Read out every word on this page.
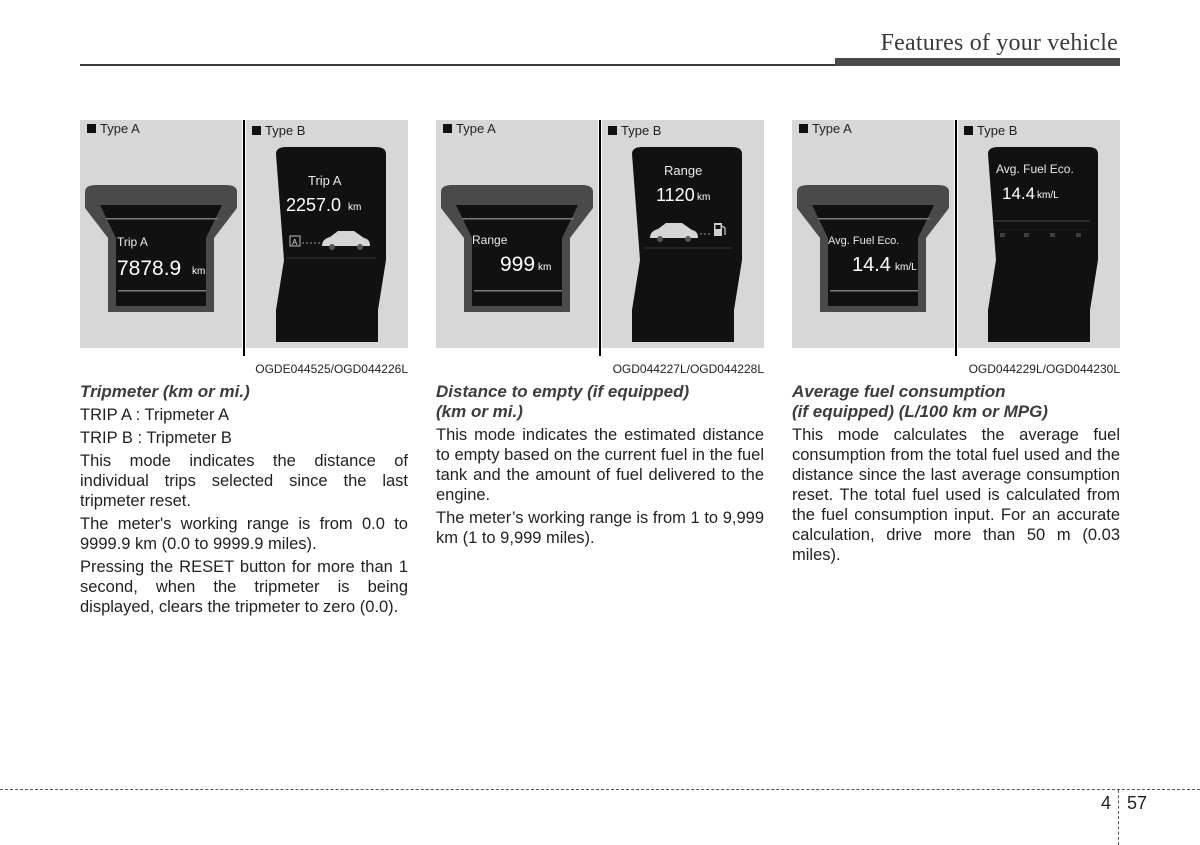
Features of your vehicle
Type A
Trip A
7878.9 km
Type B
Trip A
2257.0 km
A
OGDE044525/OGD044226L
Tripmeter (km or mi.)
TRIP A : Tripmeter A
TRIP B : Tripmeter B
This mode indicates the distance of individual trips selected since the last tripmeter reset.
The meter's working range is from 0.0 to 9999.9 km (0.0 to 9999.9 miles).
Pressing the RESET button for more than 1 second, when the tripmeter is being displayed, clears the tripmeter to zero (0.0).
Type A
Range
999 km
Type B
Range
1120 km
OGD044227L/OGD044228L
Distance to empty (if equipped)
(km or mi.)
This mode indicates the estimated distance to empty based on the current fuel in the fuel tank and the amount of fuel delivered to the engine.
The meter’s working range is from 1 to 9,999 km (1 to 9,999 miles).
Type A
Avg. Fuel Eco.
14.4 km/L
Type B
Avg. Fuel Eco.
14.4 km/L
OGD044229L/OGD044230L
Average fuel consumption
(if equipped) (L/100 km or MPG)
This mode calculates the average fuel consumption from the total fuel used and the distance since the last average consumption reset. The total fuel used is calculated from the fuel consumption input. For an accurate calculation, drive more than 50 m (0.03 miles).
4 57
